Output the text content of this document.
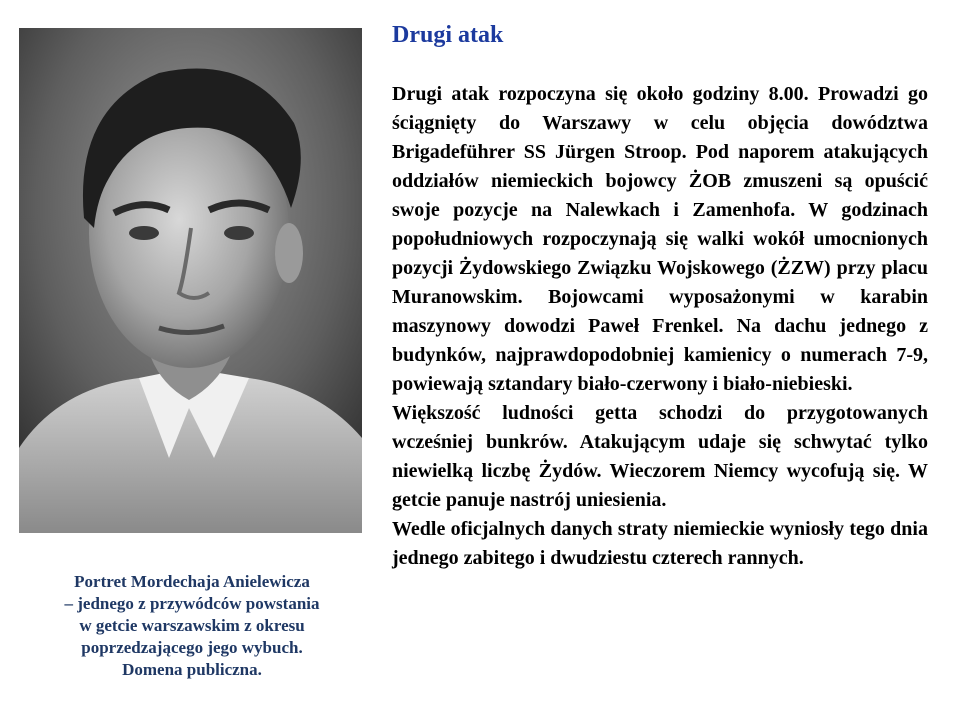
Portret Mordechaja Anielewicza
– jednego z przywódców powstania
w getcie warszawskim z okresu
poprzedzającego jego wybuch.
Domena publiczna.
Drugi atak

Drugi atak rozpoczyna się około godziny 8.00. Prowadzi go ściągnięty do Warszawy w celu objęcia dowództwa Brigadeführer SS Jürgen Stroop. Pod naporem atakujących oddziałów niemieckich bojowcy ŻOB zmuszeni są opuścić swoje pozycje na Nalewkach i Zamenhofa. W godzinach popołudniowych rozpoczynają się walki wokół umocnionych pozycji Żydowskiego Związku Wojskowego (ŻZW) przy placu Muranowskim. Bojowcami wyposażonymi w karabin maszynowy dowodzi Paweł Frenkel. Na dachu jednego z budynków, najprawdopodobniej kamienicy o numerach 7-9, powiewają sztandary biało-czerwony i biało-niebieski.

Większość ludności getta schodzi do przygotowanych wcześniej bunkrów. Atakującym udaje się schwytać tylko niewielką liczbę Żydów. Wieczorem Niemcy wycofują się. W getcie panuje nastrój uniesienia.

Wedle oficjalnych danych straty niemieckie wyniosły tego dnia jednego zabitego i dwudziestu czterech rannych.
